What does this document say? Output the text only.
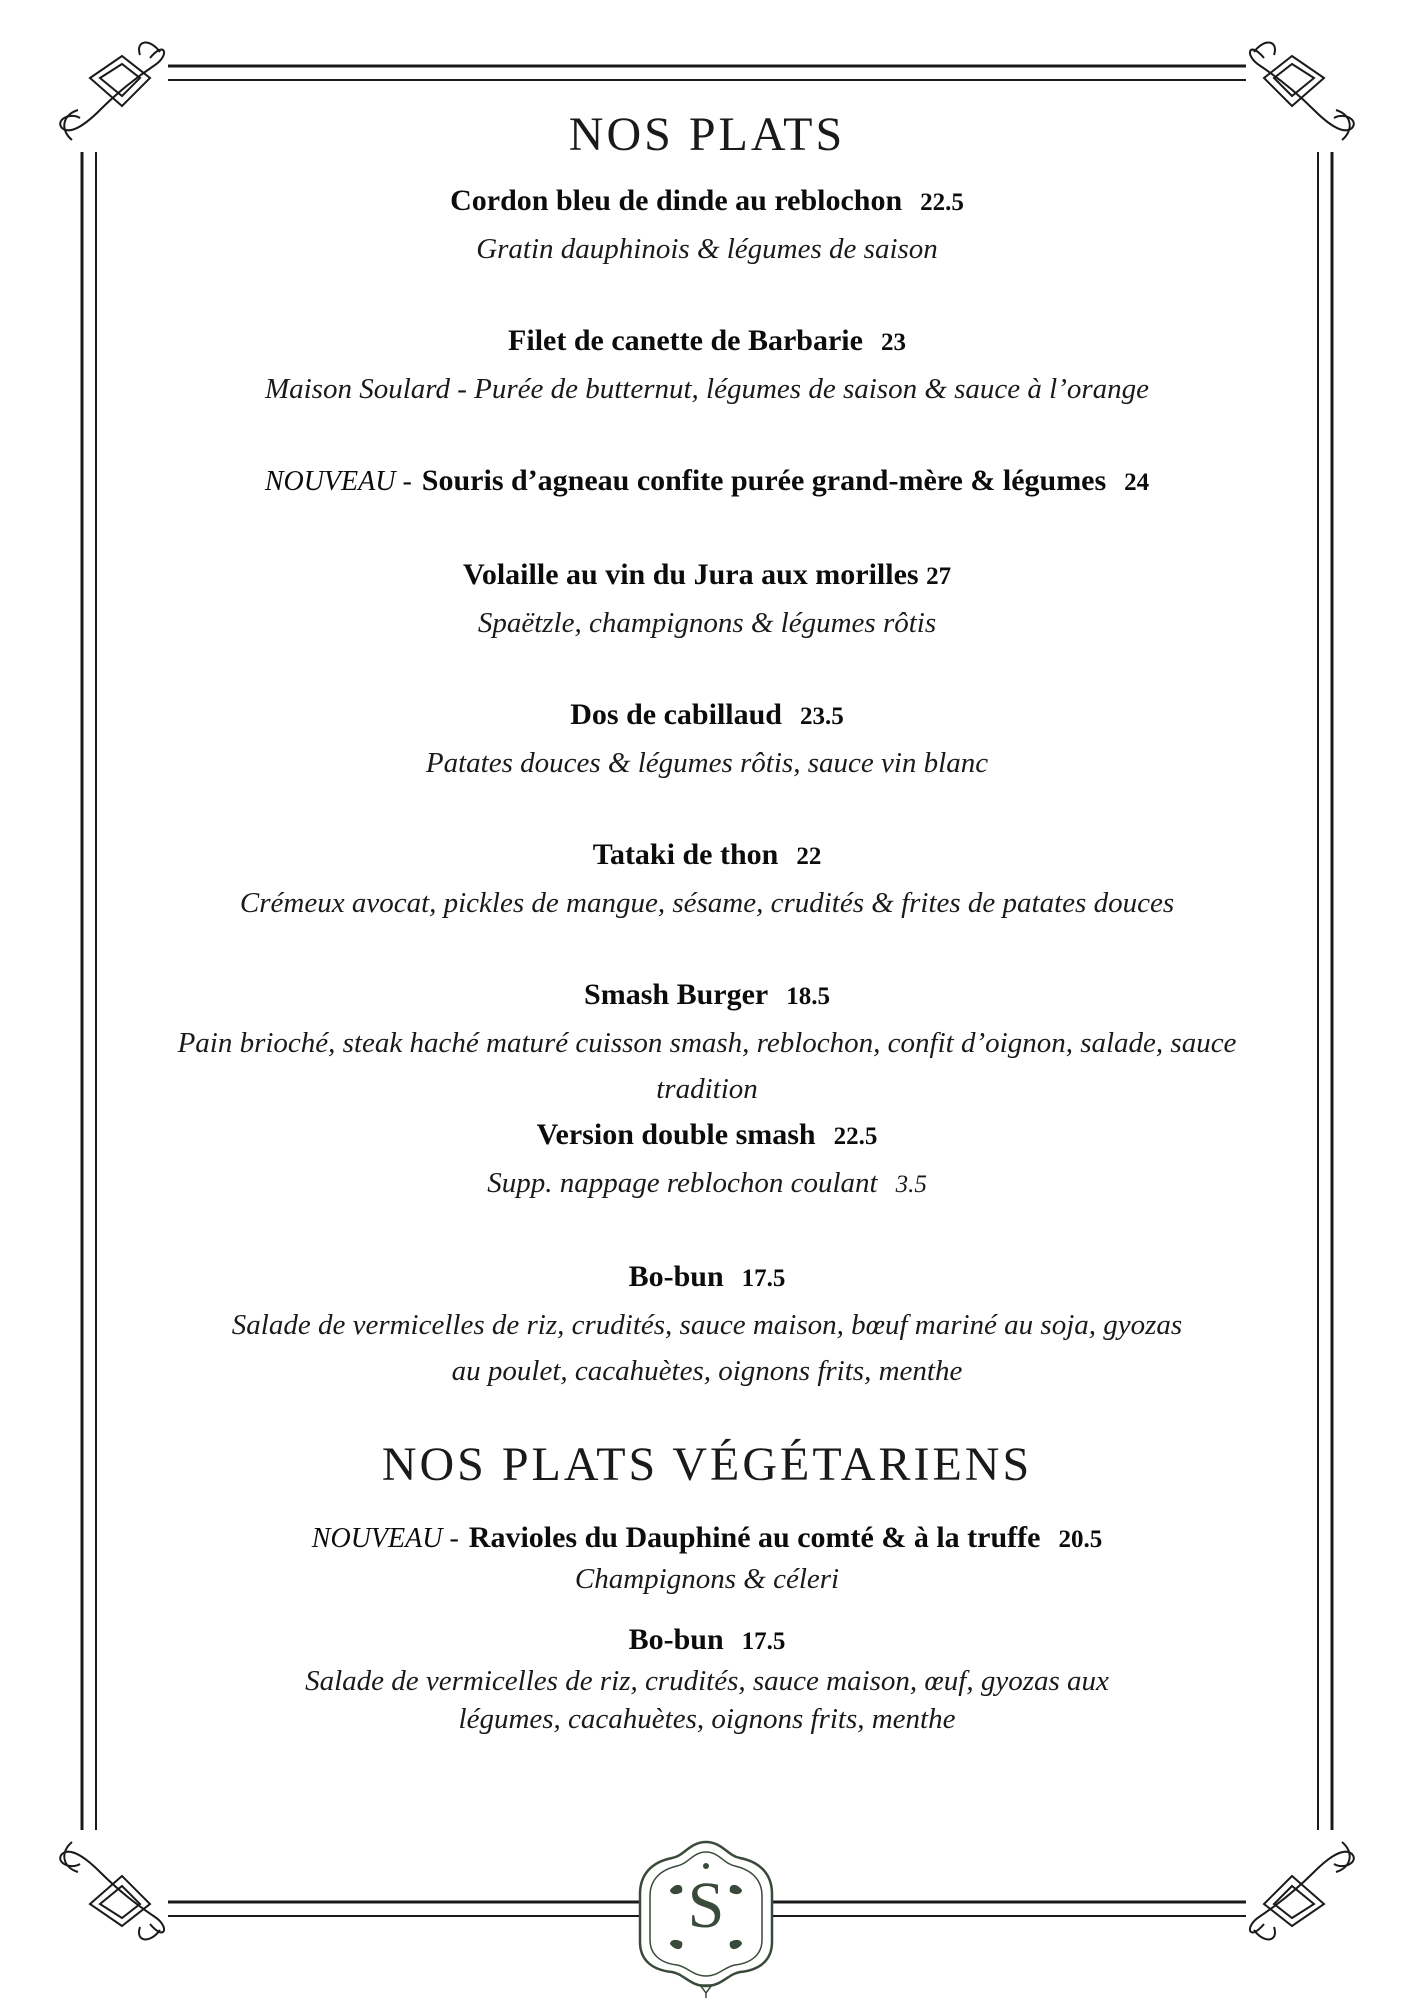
S
NOS PLATS
Cordon bleu de dinde au reblochon 22.5
Gratin dauphinois & légumes de saison
Filet de canette de Barbarie 23
Maison Soulard - Purée de butternut, légumes de saison & sauce à l’orange
NOUVEAU - Souris d’agneau confite purée grand-mère & légumes 24
Volaille au vin du Jura aux morilles 27
Spaëtzle, champignons & légumes rôtis
Dos de cabillaud 23.5
Patates douces & légumes rôtis, sauce vin blanc
Tataki de thon 22
Crémeux avocat, pickles de mangue, sésame, crudités & frites de patates douces
Smash Burger 18.5
Pain brioché, steak haché maturé cuisson smash, reblochon, confit d’oignon, salade, sauce tradition
Version double smash 22.5
Supp. nappage reblochon coulant 3.5
Bo-bun 17.5
Salade de vermicelles de riz, crudités, sauce maison, bœuf mariné au soja, gyozas au poulet, cacahuètes, oignons frits, menthe
NOS PLATS VÉGÉTARIENS
NOUVEAU - Ravioles du Dauphiné au comté & à la truffe 20.5
Champignons & céleri
Bo-bun 17.5
Salade de vermicelles de riz, crudités, sauce maison, œuf, gyozas aux légumes, cacahuètes, oignons frits, menthe
